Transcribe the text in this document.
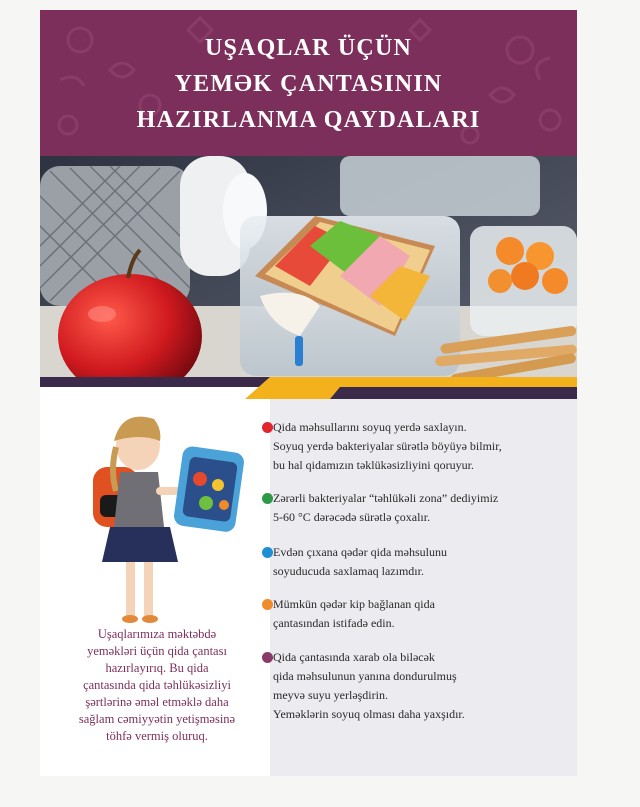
UŞAQLAR ÜÇÜN
YEMƏK ÇANTASININ
HAZIRLANMA QAYDALARI
Uşaqlarımıza məktəbdə
yeməkləri üçün qida çantası
hazırlayırıq. Bu qida
çantasında qida təhlükəsizliyi
şərtlərinə əməl etməklə daha
sağlam cəmiyyətin yetişməsinə
töhfə vermiş oluruq.
Qida məhsullarını soyuq yerdə saxlayın.
Soyuq yerdə bakteriyalar sürətlə böyüyə bilmir,
bu hal qidamızın təklükəsizliyini qoruyur.
Zərərli bakteriyalar “təhlükəli zona” dediyimiz
5-60 °C dərəcədə sürətlə çoxalır.
Evdən çıxana qədər qida məhsulunu
soyuducuda saxlamaq lazımdır.
Mümkün qədər kip bağlanan qida
çantasından istifadə edin.
Qida çantasında xarab ola biləcək
qida məhsulunun yanına dondurulmuş
meyvə suyu yerləşdirin.
Yeməklərin soyuq olması daha yaxşıdır.
